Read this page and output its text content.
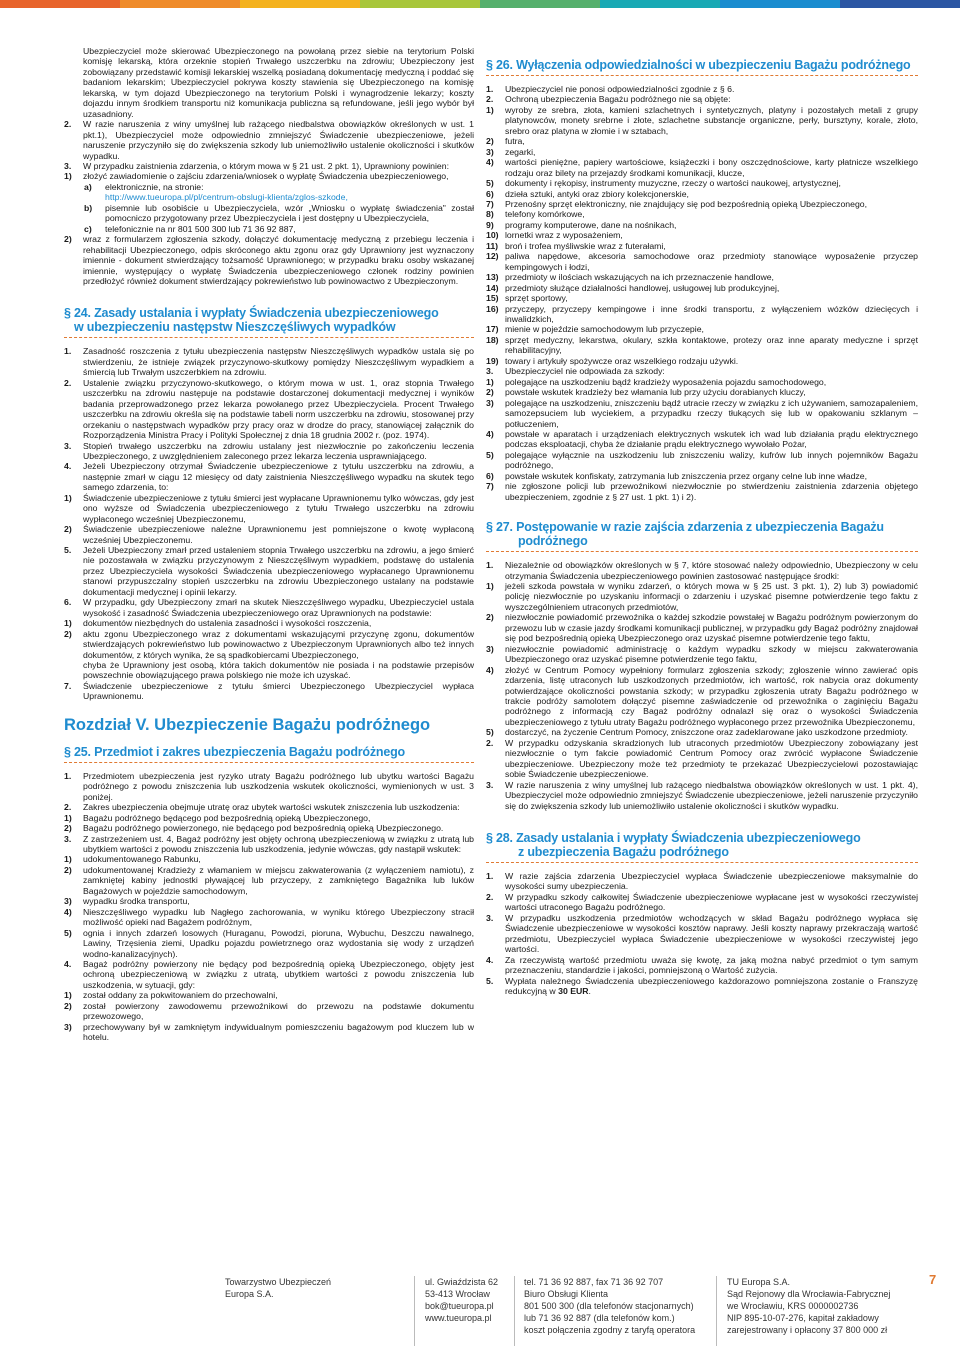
Ubezpieczyciel może skierować Ubezpieczonego na powołaną przez siebie na terytorium Polski komisję lekarską, która orzeknie stopień Trwałego uszczerbku na zdrowiu; Ubezpieczony jest zobowiązany przedstawić komisji lekarskiej wszelką posiadaną dokumentację medyczną i poddać się badaniom lekarskim; Ubezpieczyciel pokrywa koszty stawienia się Ubezpieczonego na komisję lekarską, w tym dojazd Ubezpieczonego na terytorium Polski i wynagrodzenie lekarzy; koszty dojazdu innym środkiem transportu niż komunikacja publiczna są refundowane, jeśli jego wybór był uzasadniony.

2.	W razie naruszenia z winy umyślnej lub rażącego niedbalstwa obowiązków określonych w ust. 1 pkt.1), Ubezpieczyciel może odpowiednio zmniejszyć Świadczenie ubezpieczeniowe, jeżeli naruszenie przyczyniło się do zwiększenia szkody lub uniemożliwiło ustalenie okoliczności i skutków wypadku.
3.	W przypadku zaistnienia zdarzenia, o którym mowa w § 21 ust. 2 pkt. 1), Uprawniony powinien:
1)	złożyć zawiadomienie o zajściu zdarzenia/wniosek o wypłatę Świadczenia ubezpieczeniowego,
a)	elektronicznie, na stronie:
http://www.tueuropa.pl/pl/centrum-obslugi-klienta/zglos-szkode,
b)	pisemnie lub osobiście u Ubezpieczyciela, wzór „Wniosku o wypłatę świadczenia" został pomocniczo przygotowany przez Ubezpieczyciela i jest dostępny u Ubezpieczyciela,
c)	telefonicznie na nr 801 500 300 lub 71 36 92 887,
2)	wraz z formularzem zgłoszenia szkody, dołączyć dokumentację medyczną z przebiegu leczenia i rehabilitacji Ubezpieczonego, odpis skróconego aktu zgonu oraz gdy Uprawniony jest wyznaczony imiennie - dokument stwierdzający tożsamość Uprawnionego; w przypadku braku osoby wskazanej imiennie, występujący o wypłatę Świadczenia ubezpieczeniowego członek rodziny powinien przedłożyć również dokument stwierdzający pokrewieństwo lub powinowactwo z Ubezpieczonym.
§ 24. Zasady ustalania i wypłaty Świadczenia ubezpieczeniowego
w ubezpieczeniu następstw Nieszczęśliwych wypadków
1.	Zasadność roszczenia z tytułu ubezpieczenia następstw Nieszczęśliwych wypadków ustala się po stwierdzeniu, że istnieje związek przyczynowo-skutkowy pomiędzy Nieszczęśliwym wypadkiem a śmiercią lub Trwałym uszczerbkiem na zdrowiu.
2.	Ustalenie związku przyczynowo-skutkowego, o którym mowa w ust. 1, oraz stopnia Trwałego uszczerbku na zdrowiu następuje na podstawie dostarczonej dokumentacji medycznej i wyników badania przeprowadzonego przez lekarza powołanego przez Ubezpieczyciela. Procent Trwałego uszczerbku na zdrowiu określa się na podstawie tabeli norm uszczerbku na zdrowiu, stosowanej przy orzekaniu o następstwach wypadków przy pracy oraz w drodze do pracy, stanowiącej załącznik do Rozporządzenia Ministra Pracy i Polityki Społecznej z dnia 18 grudnia 2002 r. (poz. 1974).
3.	Stopień trwałego uszczerbku na zdrowiu ustalany jest niezwłocznie po zakończeniu leczenia Ubezpieczonego, z uwzględnieniem zaleconego przez lekarza leczenia usprawniającego.
4.	Jeżeli Ubezpieczony otrzymał Świadczenie ubezpieczeniowe z tytułu uszczerbku na zdrowiu, a następnie zmarł w ciągu 12 miesięcy od daty zaistnienia Nieszczęśliwego wypadku na skutek tego samego zdarzenia, to:
1)	Świadczenie ubezpieczeniowe z tytułu śmierci jest wypłacane Uprawnionemu tylko wówczas, gdy jest ono wyższe od Świadczenia ubezpieczeniowego z tytułu Trwałego uszczerbku na zdrowiu wypłaconego wcześniej Ubezpieczonemu,
2)	Świadczenie ubezpieczeniowe należne Uprawnionemu jest pomniejszone o kwotę wypłaconą wcześniej Ubezpieczonemu.
5.	Jeżeli Ubezpieczony zmarł przed ustaleniem stopnia Trwałego uszczerbku na zdrowiu, a jego śmierć nie pozostawała w związku przyczynowym z Nieszczęśliwym wypadkiem, podstawę do ustalenia przez Ubezpieczyciela wysokości Świadczenia ubezpieczeniowego wypłacanego Uprawnionemu stanowi przypuszczalny stopień uszczerbku na zdrowiu Ubezpieczonego ustalany na podstawie dokumentacji medycznej i opinii lekarzy.
6.	W przypadku, gdy Ubezpieczony zmarł na skutek Nieszczęśliwego wypadku, Ubezpieczyciel ustala wysokość i zasadność Świadczenia ubezpieczeniowego oraz Uprawnionych na podstawie:
1)	dokumentów niezbędnych do ustalenia zasadności i wysokości roszczenia,
2)	aktu zgonu Ubezpieczonego wraz z dokumentami wskazującymi przyczynę zgonu, dokumentów stwierdzających pokrewieństwo lub powinowactwo z Ubezpieczonym Uprawnionych albo też innych dokumentów, z których wynika, że są spadkobiercami Ubezpieczonego,

chyba że Uprawniony jest osobą, która takich dokumentów nie posiada i na podstawie przepisów powszechnie obowiązującego prawa polskiego nie może ich uzyskać.

7.	Świadczenie ubezpieczeniowe z tytułu śmierci Ubezpieczonego Ubezpieczyciel wypłaca Uprawnionemu.
Rozdział V. Ubezpieczenie Bagażu podróżnego
§ 25. Przedmiot i zakres ubezpieczenia Bagażu podróżnego
1.	Przedmiotem ubezpieczenia jest ryzyko utraty Bagażu podróżnego lub ubytku wartości Bagażu podróżnego z powodu zniszczenia lub uszkodzenia wskutek okoliczności, wymienionych w ust. 3 poniżej.
2.	Zakres ubezpieczenia obejmuje utratę oraz ubytek wartości wskutek zniszczenia lub uszkodzenia:
1)	Bagażu podróżnego będącego pod bezpośrednią opieką Ubezpieczonego,
2)	Bagażu podróżnego powierzonego, nie będącego pod bezpośrednią opieką Ubezpieczonego.
3.	Z zastrzeżeniem ust. 4, Bagaż podróżny jest objęty ochroną ubezpieczeniową w związku z utratą lub ubytkiem wartości z powodu zniszczenia lub uszkodzenia, jedynie wówczas, gdy nastąpił wskutek:
1)	udokumentowanego Rabunku,
2)	udokumentowanej Kradzieży z włamaniem w miejscu zakwaterowania (z wyłączeniem namiotu), z zamkniętej kabiny jednostki pływającej lub przyczepy, z zamkniętego Bagażnika lub luków Bagażowych w pojeździe samochodowym,
3)	wypadku środka transportu,
4)	Nieszczęśliwego wypadku lub Nagłego zachorowania, w wyniku którego Ubezpieczony stracił możliwość opieki nad Bagażem podróżnym,
5)	ognia i innych zdarzeń losowych (Huraganu, Powodzi, pioruna, Wybuchu, Deszczu nawalnego, Lawiny, Trzęsienia ziemi, Upadku pojazdu powietrznego oraz wydostania się wody z urządzeń wodno-kanalizacyjnych).
4.	Bagaż podróżny powierzony nie będący pod bezpośrednią opieką Ubezpieczonego, objęty jest ochroną ubezpieczeniową w związku z utratą, ubytkiem wartości z powodu zniszczenia lub uszkodzenia, w sytuacji, gdy:
1)	został oddany za pokwitowaniem do przechowalni,
2)	został powierzony zawodowemu przewoźnikowi do przewozu na podstawie dokumentu przewozowego,
3)	przechowywany był w zamkniętym indywidualnym pomieszczeniu bagażowym pod kluczem lub w hotelu.
§ 26. Wyłączenia odpowiedzialności w ubezpieczeniu Bagażu podróżnego
1.	Ubezpieczyciel nie ponosi odpowiedzialności zgodnie z § 6.
2.	Ochroną ubezpieczenia Bagażu podróżnego nie są objęte:
1)	wyroby ze srebra, złota, kamieni szlachetnych i syntetycznych, platyny i pozostałych metali z grupy platynowców, monety srebrne i złote, szlachetne substancje organiczne, perły, bursztyny, korale, złoto, srebro oraz platyna w złomie i w sztabach,
2)	futra,
3)	zegarki,
4)	wartości pieniężne, papiery wartościowe, książeczki i bony oszczędnościowe, karty płatnicze wszelkiego rodzaju oraz bilety na przejazdy środkami komunikacji, klucze,
5)	dokumenty i rękopisy, instrumenty muzyczne, rzeczy o wartości naukowej, artystycznej,
6)	dzieła sztuki, antyki oraz zbiory kolekcjonerskie,
7)	Przenośny sprzęt elektroniczny, nie znajdujący się pod bezpośrednią opieką Ubezpieczonego,
8)	telefony komórkowe,
9)	programy komputerowe, dane na nośnikach,
10) lornetki wraz z wyposażeniem,
11) broń i trofea myśliwskie wraz z futerałami,
12) paliwa napędowe, akcesoria samochodowe oraz przedmioty stanowiące wyposażenie przyczep kempingowych i łodzi,
13) przedmioty w ilościach wskazujących na ich przeznaczenie handlowe,
14) przedmioty służące działalności handlowej, usługowej lub produkcyjnej,
15) sprzęt sportowy,
16) przyczepy, przyczepy kempingowe i inne środki transportu, z wyłączeniem wózków dziecięcych i inwalidzkich,
17) mienie w pojeździe samochodowym lub przyczepie,
18) sprzęt medyczny, lekarstwa, okulary, szkła kontaktowe, protezy oraz inne aparaty medyczne i sprzęt rehabilitacyjny,
19) towary i artykuły spożywcze oraz wszelkiego rodzaju używki.
3.	Ubezpieczyciel nie odpowiada za szkody:
1)	polegające na uszkodzeniu bądź kradzieży wyposażenia pojazdu samochodowego,
2)	powstałe wskutek kradzieży bez włamania lub przy użyciu dorabianych kluczy,
3)	polegające na uszkodzeniu, zniszczeniu bądź utracie rzeczy w związku z ich używaniem, samozapaleniem, samozepsuciem lub wyciekiem, a przypadku rzeczy tłukących się lub w opakowaniu szklanym – potłuczeniem,
4)	powstałe w aparatach i urządzeniach elektrycznych wskutek ich wad lub działania prądu elektrycznego podczas eksploatacji, chyba że działanie prądu elektrycznego wywołało Pożar,
5)	polegające wyłącznie na uszkodzeniu lub zniszczeniu walizy, kufrów lub innych pojemników Bagażu podróżnego,
6)	powstałe wskutek konfiskaty, zatrzymania lub zniszczenia przez organy celne lub inne władze,
7)	nie zgłoszone policji lub przewoźnikowi niezwłocznie po stwierdzeniu zaistnienia zdarzenia objętego ubezpieczeniem, zgodnie z § 27 ust. 1 pkt. 1) i 2).
§ 27. Postępowanie w razie zajścia zdarzenia z ubezpieczenia Bagażu
podróżnego
1.	Niezależnie od obowiązków określonych w § 7, które stosować należy odpowiednio, Ubezpieczony w celu otrzymania Świadczenia ubezpieczeniowego powinien zastosować następujące środki:
1)	jeżeli szkoda powstała w wyniku zdarzeń, o których mowa w § 25 ust. 3 pkt. 1), 2) lub 3) powiadomić policję niezwłocznie po uzyskaniu informacji o zdarzeniu i uzyskać pisemne potwierdzenie tego faktu z wyszczególnieniem utraconych przedmiotów,
2)	niezwłocznie powiadomić przewoźnika o każdej szkodzie powstałej w Bagażu podróżnym powierzonym do przewozu lub w czasie jazdy środkami komunikacji publicznej, w przypadku gdy Bagaż podróżny znajdował się pod bezpośrednią opieką Ubezpieczonego oraz uzyskać pisemne potwierdzenie tego faktu,
3)	niezwłocznie powiadomić administrację o każdym wypadku szkody w miejscu zakwaterowania Ubezpieczonego oraz uzyskać pisemne potwierdzenie tego faktu,
4)	złożyć w Centrum Pomocy wypełniony formularz zgłoszenia szkody; zgłoszenie winno zawierać opis zdarzenia, listę utraconych lub uszkodzonych przedmiotów, ich wartość, rok nabycia oraz dokumenty potwierdzające okoliczności powstania szkody; w przypadku zgłoszenia utraty Bagażu podróżnego w trakcie podróży samolotem dołączyć pisemne zaświadczenie od przewoźnika o zaginięciu Bagażu podróżnego z informacją czy Bagaż podróżny odnalazł się oraz o wysokości Świadczenia ubezpieczeniowego z tytułu utraty Bagażu podróżnego wypłaconego przez przewoźnika Ubezpieczonemu,
5)	dostarczyć, na życzenie Centrum Pomocy, zniszczone oraz zadeklarowane jako uszkodzone przedmioty.
2.	W przypadku odzyskania skradzionych lub utraconych przedmiotów Ubezpieczony zobowiązany jest niezwłocznie o tym fakcie powiadomić Centrum Pomocy oraz zwrócić wypłacone Świadczenie ubezpieczeniowe. Ubezpieczony może też przedmioty te przekazać Ubezpieczycielowi pozostawiając sobie Świadczenie ubezpieczeniowe.
3.	W razie naruszenia z winy umyślnej lub rażącego niedbalstwa obowiązków określonych w ust. 1 pkt. 4), Ubezpieczyciel może odpowiednio zmniejszyć Świadczenie ubezpieczeniowe, jeżeli naruszenie przyczyniło się do zwiększenia szkody lub uniemożliwiło ustalenie okoliczności i skutków wypadku.
§ 28. Zasady ustalania i wypłaty Świadczenia ubezpieczeniowego
z ubezpieczenia Bagażu podróżnego
1.	W razie zajścia zdarzenia Ubezpieczyciel wypłaca Świadczenie ubezpieczeniowe maksymalnie do wysokości sumy ubezpieczenia.
2.	W przypadku szkody całkowitej Świadczenie ubezpieczeniowe wypłacane jest w wysokości rzeczywistej wartości utraconego Bagażu podróżnego.
3.	W przypadku uszkodzenia przedmiotów wchodzących w skład Bagażu podróżnego wypłaca się Świadczenie ubezpieczeniowe w wysokości kosztów naprawy. Jeśli koszty naprawy przekraczają wartość przedmiotu, Ubezpieczyciel wypłaca Świadczenie ubezpieczeniowe w wysokości rzeczywistej jego wartości.
4.	Za rzeczywistą wartość przedmiotu uważa się kwotę, za jaką można nabyć przedmiot o tym samym przeznaczeniu, standardzie i jakości, pomniejszoną o Wartość zużycia.
5.	Wypłata należnego Świadczenia ubezpieczeniowego każdorazowo pomniejszona zostanie o Franszyzę redukcyjną w 30 EUR.
Towarzystwo Ubezpieczeń
Europa S.A.
ul. Gwiaździsta 62
53-413 Wrocław
bok@tueuropa.pl
www.tueuropa.pl
tel. 71 36 92 887, fax 71 36 92 707
Biuro Obsługi Klienta
801 500 300 (dla telefonów stacjonarnych)
lub 71 36 92 887 (dla telefonów kom.)
koszt połączenia zgodny z taryfą operatora
TU Europa S.A.
Sąd Rejonowy dla Wrocławia-Fabrycznej
we Wrocławiu, KRS 0000002736
NIP 895-10-07-276, kapitał zakładowy
zarejestrowany i opłacony 37 800 000 zł
7
